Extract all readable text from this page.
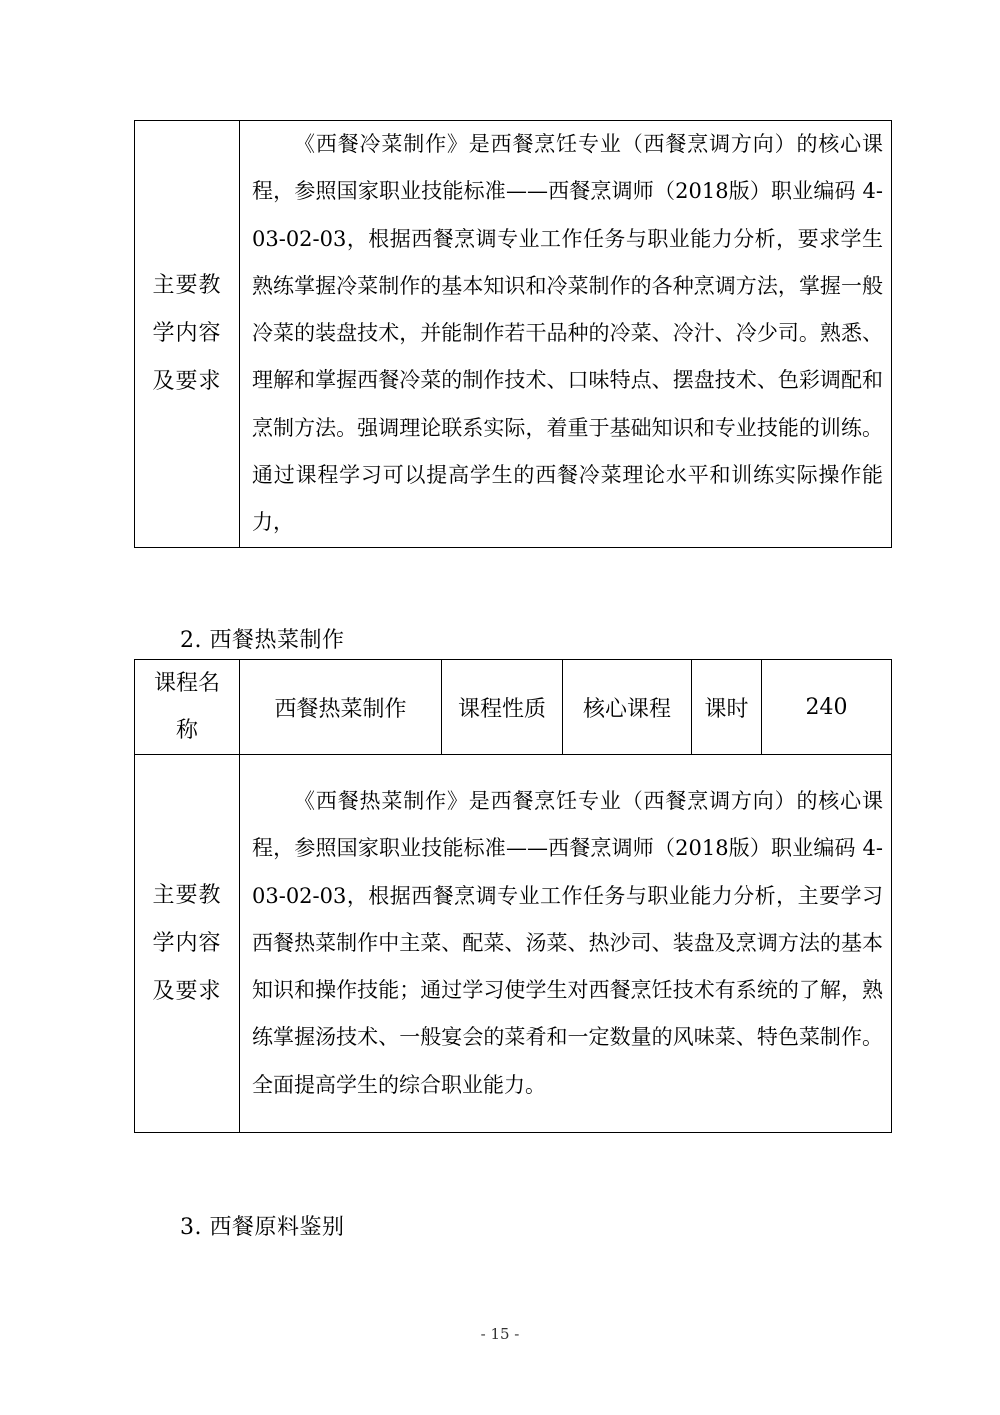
主要教
学内容
及要求
	《西餐冷菜制作》是西餐烹饪专业（西餐烹调方向）的核心课程，参照国家职业技能标准——西餐烹调师（2018版）职业编码 4-03-02-03，根据西餐烹调专业工作任务与职业能力分析，要求学生熟练掌握冷菜制作的基本知识和冷菜制作的各种烹调方法，掌握一般冷菜的装盘技术，并能制作若干品种的冷菜、冷汁、冷少司。熟悉、理解和掌握西餐冷菜的制作技术、口味特点、摆盘技术、色彩调配和烹制方法。强调理论联系实际，着重于基础知识和专业技能的训练。通过课程学习可以提高学生的西餐冷菜理论水平和训练实际操作能力，
2. 西餐热菜制作
课程名
称	西餐热菜制作	课程性质	核心课程	课时	240

主要教
学内容
及要求	《西餐热菜制作》是西餐烹饪专业（西餐烹调方向）的核心课程，参照国家职业技能标准——西餐烹调师（2018版）职业编码 4-03-02-03，根据西餐烹调专业工作任务与职业能力分析，主要学习西餐热菜制作中主菜、配菜、汤菜、热沙司、装盘及烹调方法的基本知识和操作技能；通过学习使学生对西餐烹饪技术有系统的了解，熟练掌握汤技术、一般宴会的菜肴和一定数量的风味菜、特色菜制作。全面提高学生的综合职业能力。				
3. 西餐原料鉴别
- 15 -
